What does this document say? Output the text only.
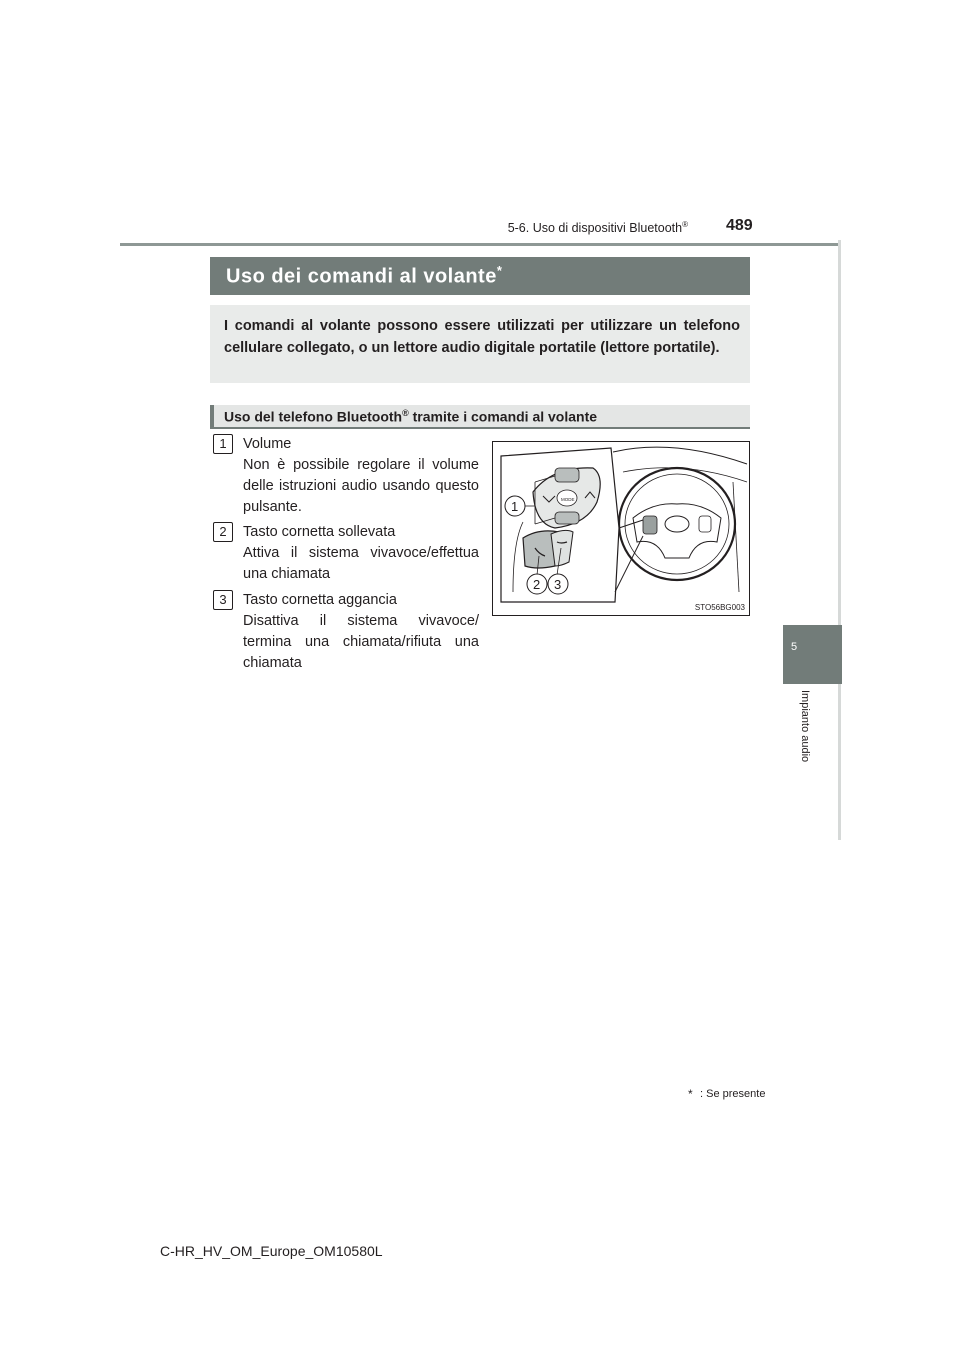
5-6. Uso di dispositivi Bluetooth® 489
5
Impianto audio
Uso dei comandi al volante*
I comandi al volante possono essere utilizzati per utilizzare un telefono cellulare collegato, o un lettore audio digitale portatile (lettore portatile).
Uso del telefono Bluetooth® tramite i comandi al volante
1	Volume
Non è possibile regolare il volume delle istruzioni audio usando questo pulsante.
2	Tasto cornetta sollevata
Attiva il sistema vivavoce/effettua una chiamata
3	Tasto cornetta aggancia
Disattiva il sistema vivavoce/ termina una chiamata/rifiuta una chiamata
MODE
1
2 3
STO56BG003
* : Se presente
C-HR_HV_OM_Europe_OM10580L
